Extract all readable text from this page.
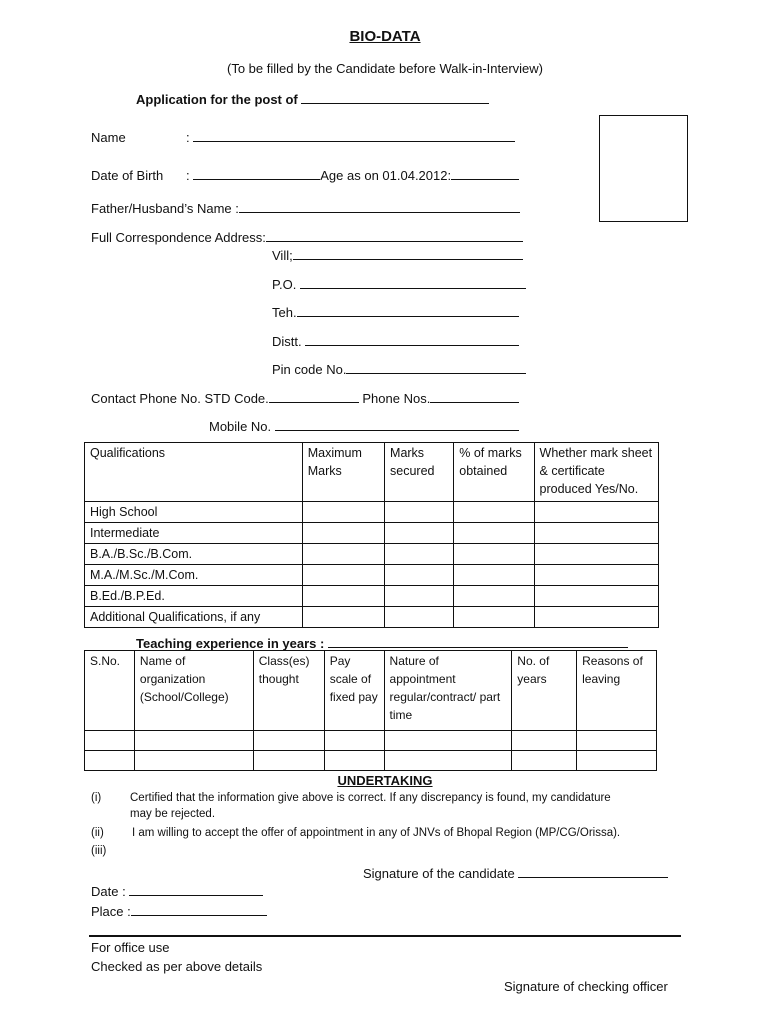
BIO-DATA
(To be filled by the Candidate before Walk-in-Interview)
Application for the post of
Name	:
Date of Birth :	Age as on 01.04.2012:
Father/Husband’s Name :
Full Correspondence Address:
Vill;
P.O.
Teh.
Distt.
Pin code No.
Contact Phone No. STD Code.	Phone Nos.
Mobile No.
Qualifications	Maximum Marks	Marks secured	% of marks obtained	Whether mark sheet & certificate produced Yes/No.
High School				
Intermediate				
B.A./B.Sc./B.Com.				
M.A./M.Sc./M.Com.				
B.Ed./B.P.Ed.				
Additional Qualifications, if any				
Teaching experience in years :
S.No.	Name of organization (School/College)	Class(es) thought	Pay scale of fixed pay	Nature of appointment regular/contract/ part time	No. of years	Reasons of leaving

UNDERTAKING
(i)	Certified that the information give above is correct. If any discrepancy is found, my candidature
may be rejected.
(ii) I am willing to accept the offer of appointment in any of JNVs of Bhopal Region (MP/CG/Orissa).
(iii)
Signature of the candidate
Date :
Place :
For office use
Checked as per above details
Signature of checking officer
